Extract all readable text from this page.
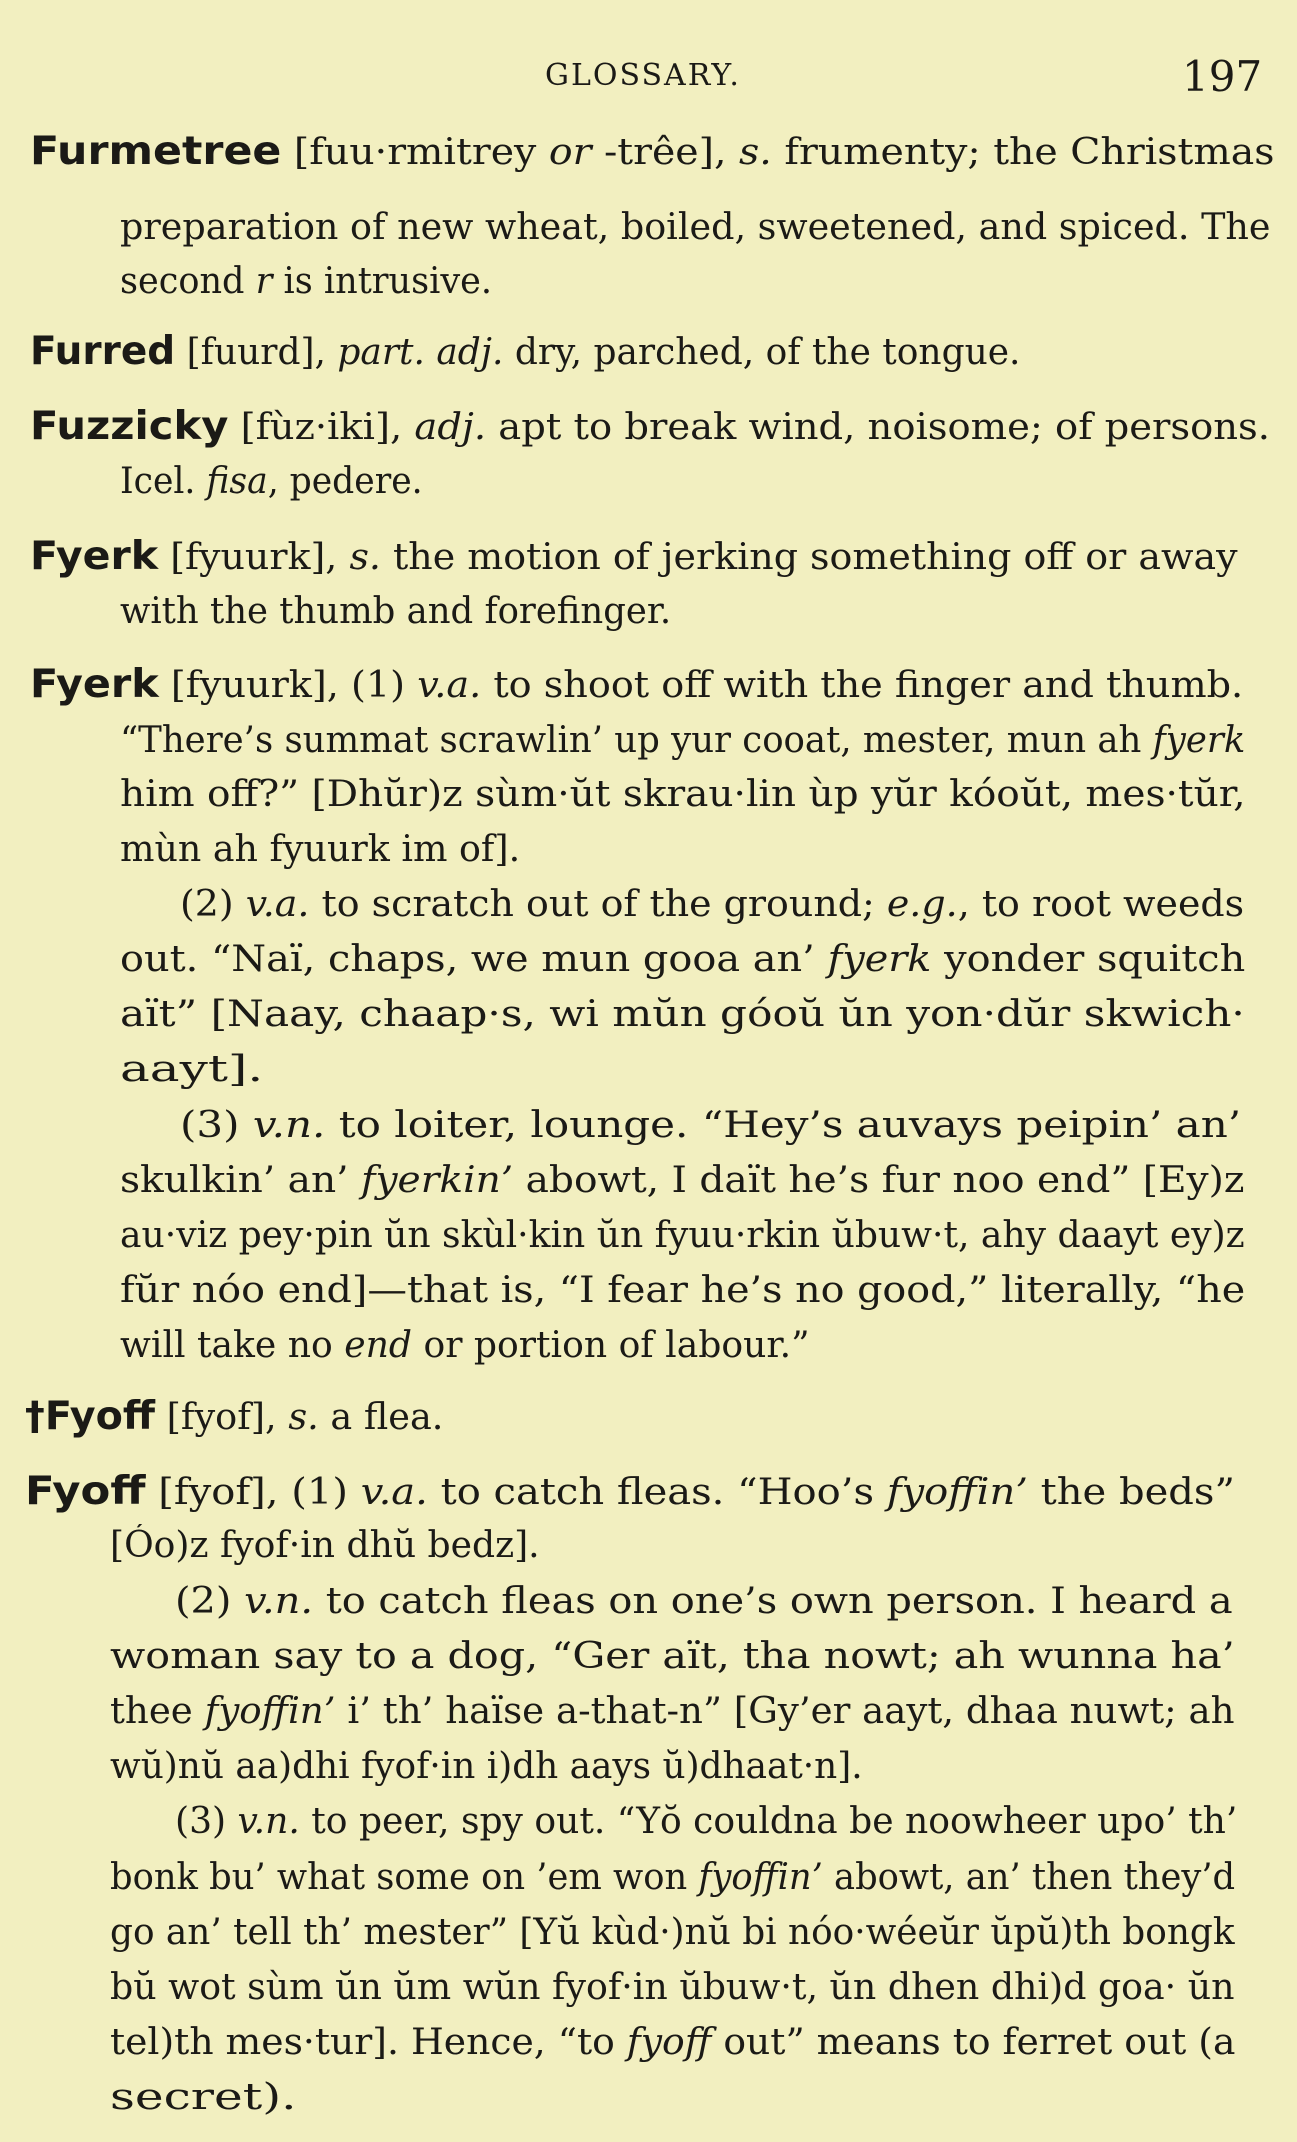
GLOSSARY.	197
Furmetree [fuu·rmitrey or -trêe], s. frumenty; the Christmas
preparation of new wheat, boiled, sweetened, and spiced. The
second r is intrusive.
Furred [fuurd], part. adj. dry, parched, of the tongue.
Fuzzicky [fùz·iki], adj. apt to break wind, noisome; of persons.
Icel. fisa, pedere.
Fyerk [fyuurk], s. the motion of jerking something off or away
with the thumb and forefinger.
Fyerk [fyuurk], (1) v.a. to shoot off with the finger and thumb.
“There’s summat scrawlin’ up yur cooat, mester, mun ah fyerk
him off?” [Dhŭr)z sùm·ŭt skrau·lin ùp yŭr kóoŭt, mes·tŭr,
mùn ah fyuurk im of].
(2) v.a. to scratch out of the ground; e.g., to root weeds
out. “Naï, chaps, we mun gooa an’ fyerk yonder squitch
aït” [Naay, chaap·s, wi mŭn góoŭ ŭn yon·dŭr skwich·
aayt].
(3) v.n. to loiter, lounge. “Hey’s auvays peipin’ an’
skulkin’ an’ fyerkin’ abowt, I daït he’s fur noo end” [Ey)z
au·viz pey·pin ŭn skùl·kin ŭn fyuu·rkin ŭbuw·t, ahy daayt ey)z
fŭr nóo end]—that is, “I fear he’s no good,” literally, “he
will take no end or portion of labour.”
†Fyoff [fyof], s. a flea.
Fyoff [fyof], (1) v.a. to catch fleas. “Hoo’s fyoffin’ the beds”
[Óo)z fyof·in dhŭ bedz].
(2) v.n. to catch fleas on one’s own person. I heard a
woman say to a dog, “Ger aït, tha nowt; ah wunna ha’
thee fyoffin’ i’ th’ haïse a-that-n” [Gy’er aayt, dhaa nuwt; ah
wŭ)nŭ aa)dhi fyof·in i)dh aays ŭ)dhaat·n].
(3) v.n. to peer, spy out. “Yŏ couldna be noowheer upo’ th’
bonk bu’ what some on ’em won fyoffin’ abowt, an’ then they’d
go an’ tell th’ mester” [Yŭ kùd·)nŭ bi nóo·wéeŭr ŭpŭ)th bongk
bŭ wot sùm ŭn ŭm wŭn fyof·in ŭbuw·t, ŭn dhen dhi)d goa· ŭn
tel)th mes·tur]. Hence, “to fyoff out” means to ferret out (a
secret).
